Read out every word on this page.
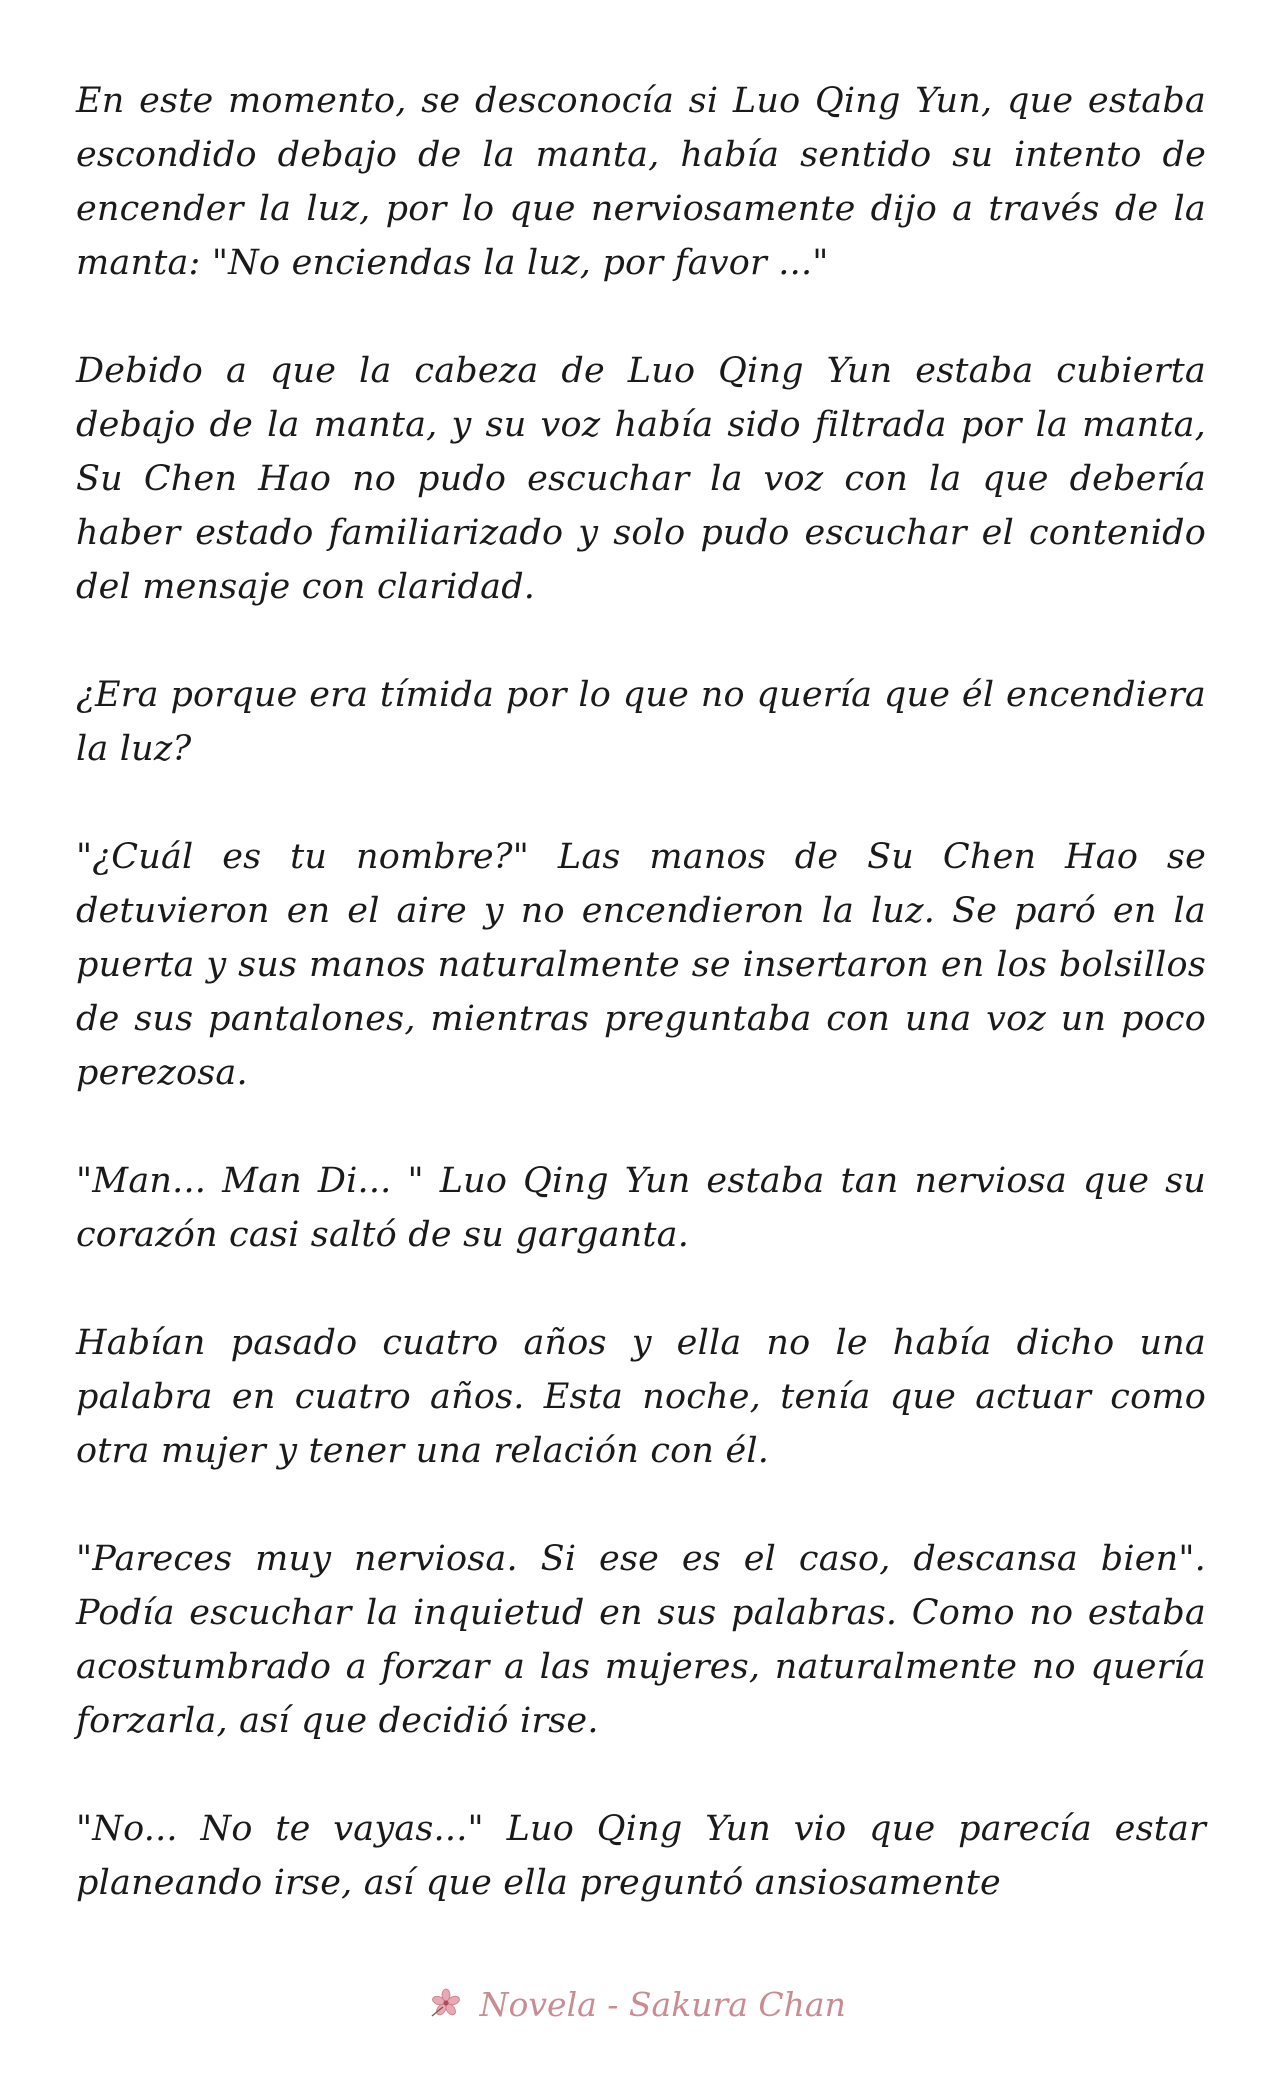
En este momento, se desconocía si Luo Qing Yun, que estaba escondido debajo de la manta, había sentido su intento de encender la luz, por lo que nerviosamente dijo a través de la manta: "No enciendas la luz, por favor ..."

Debido a que la cabeza de Luo Qing Yun estaba cubierta debajo de la manta, y su voz había sido filtrada por la manta, Su Chen Hao no pudo escuchar la voz con la que debería haber estado familiarizado y solo pudo escuchar el contenido del mensaje con claridad.

¿Era porque era tímida por lo que no quería que él encendiera la luz?

"¿Cuál es tu nombre?" Las manos de Su Chen Hao se detuvieron en el aire y no encendieron la luz. Se paró en la puerta y sus manos naturalmente se insertaron en los bolsillos de sus pantalones, mientras preguntaba con una voz un poco perezosa.

"Man... Man Di... " Luo Qing Yun estaba tan nerviosa que su corazón casi saltó de su garganta.

Habían pasado cuatro años y ella no le había dicho una palabra en cuatro años. Esta noche, tenía que actuar como otra mujer y tener una relación con él.

"Pareces muy nerviosa. Si ese es el caso, descansa bien". Podía escuchar la inquietud en sus palabras. Como no estaba acostumbrado a forzar a las mujeres, naturalmente no quería forzarla, así que decidió irse.

"No... No te vayas..." Luo Qing Yun vio que parecía estar planeando irse, así que ella preguntó ansiosamente

Novela - Sakura Chan
